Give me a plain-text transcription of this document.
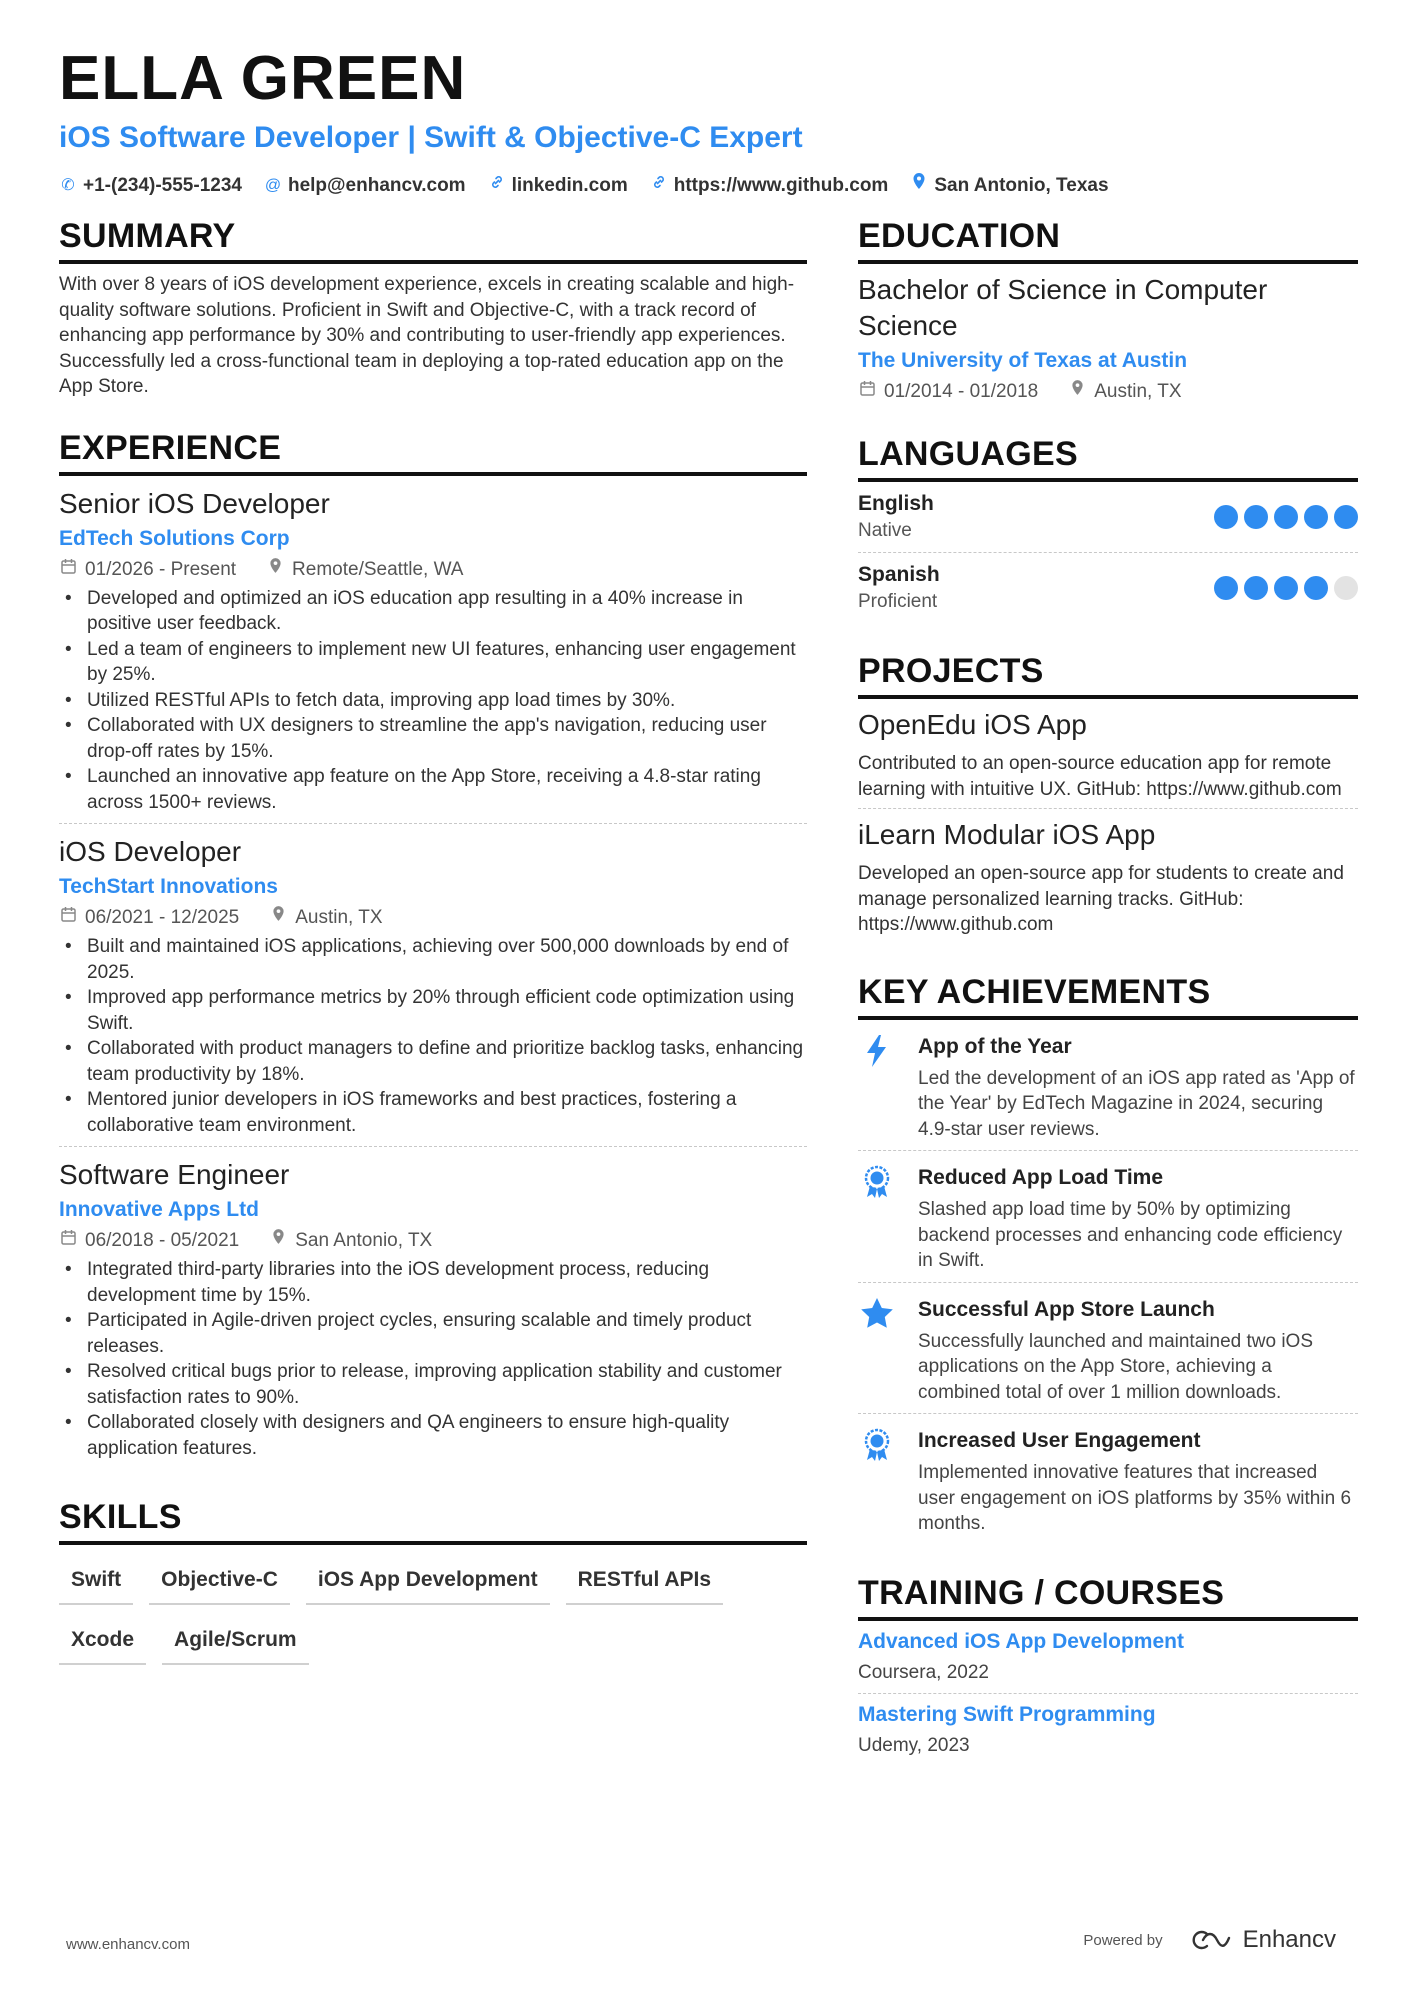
ELLA GREEN
iOS Software Developer | Swift & Objective-C Expert
✆ +1-(234)-555-1234 @ help@enhancv.com linkedin.com https://www.github.com San Antonio, Texas
SUMMARY
With over 8 years of iOS development experience, excels in creating scalable and high-quality software solutions. Proficient in Swift and Objective-C, with a track record of enhancing app performance by 30% and contributing to user-friendly app experiences. Successfully led a cross-functional team in deploying a top-rated education app on the App Store.
EXPERIENCE
Senior iOS Developer
EdTech Solutions Corp
01/2026 - Present	Remote/Seattle, WA
• Developed and optimized an iOS education app resulting in a 40% increase in positive user feedback.
• Led a team of engineers to implement new UI features, enhancing user engagement by 25%.
• Utilized RESTful APIs to fetch data, improving app load times by 30%.
• Collaborated with UX designers to streamline the app's navigation, reducing user drop-off rates by 15%.
• Launched an innovative app feature on the App Store, receiving a 4.8-star rating across 1500+ reviews.
iOS Developer
TechStart Innovations
06/2021 - 12/2025	Austin, TX
• Built and maintained iOS applications, achieving over 500,000 downloads by end of 2025.
• Improved app performance metrics by 20% through efficient code optimization using Swift.
• Collaborated with product managers to define and prioritize backlog tasks, enhancing team productivity by 18%.
• Mentored junior developers in iOS frameworks and best practices, fostering a collaborative team environment.
Software Engineer
Innovative Apps Ltd
06/2018 - 05/2021	San Antonio, TX
• Integrated third-party libraries into the iOS development process, reducing development time by 15%.
• Participated in Agile-driven project cycles, ensuring scalable and timely product releases.
• Resolved critical bugs prior to release, improving application stability and customer satisfaction rates to 90%.
• Collaborated closely with designers and QA engineers to ensure high-quality application features.
SKILLS
Swift	Objective-C	iOS App Development	RESTful APIs
Xcode	Agile/Scrum
EDUCATION
Bachelor of Science in Computer Science
The University of Texas at Austin
01/2014 - 01/2018	Austin, TX
LANGUAGES
English
Native
Spanish
Proficient
PROJECTS
OpenEdu iOS App
Contributed to an open-source education app for remote learning with intuitive UX. GitHub: https://www.github.com
iLearn Modular iOS App
Developed an open-source app for students to create and manage personalized learning tracks. GitHub: https://www.github.com
KEY ACHIEVEMENTS
App of the Year
Led the development of an iOS app rated as 'App of the Year' by EdTech Magazine in 2024, securing 4.9-star user reviews.
Reduced App Load Time
Slashed app load time by 50% by optimizing backend processes and enhancing code efficiency in Swift.
Successful App Store Launch
Successfully launched and maintained two iOS applications on the App Store, achieving a combined total of over 1 million downloads.
Increased User Engagement
Implemented innovative features that increased user engagement on iOS platforms by 35% within 6 months.
TRAINING / COURSES
Advanced iOS App Development
Coursera, 2022
Mastering Swift Programming
Udemy, 2023
www.enhancv.com	Powered by	Enhancv
